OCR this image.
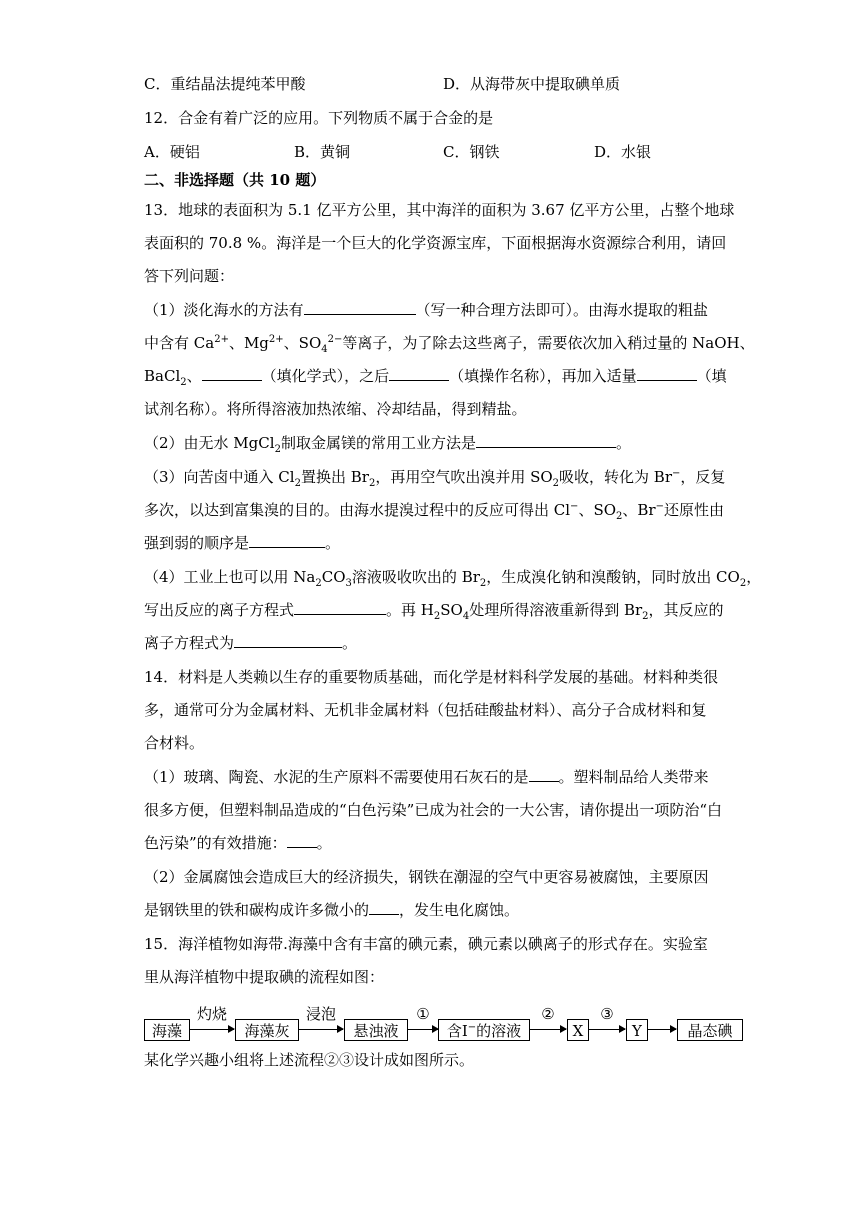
C．重结晶法提纯苯甲酸	D．从海带灰中提取碘单质
12．合金有着广泛的应用。下列物质不属于合金的是
A．硬铝	B．黄铜	C．钢铁	D．水银
二、非选择题（共 10 题）
13．地球的表面积为 5.1 亿平方公里，其中海洋的面积为 3.67 亿平方公里，占整个地球
表面积的 70.8 %。海洋是一个巨大的化学资源宝库，下面根据海水资源综合利用，请回
答下列问题：
（1）淡化海水的方法有	（写一种合理方法即可）。由海水提取的粗盐
中含有 $Ca^{2+}$、$Mg^{2+}$、$SO_4^{2-}$等离子，为了除去这些离子，需要依次加入稍过量的 NaOH、
BaCl$_2$、	（填化学式），之后	（填操作名称），再加入适量	（填
试剂名称）。将所得溶液加热浓缩、冷却结晶，得到精盐。
（2）由无水 MgCl$_2$制取金属镁的常用工业方法是	。
（3）向苦卤中通入 $Cl_2$置换出 $Br_2$，再用空气吹出溴并用 $SO_2$吸收，转化为 Br−，反复
多次，以达到富集溴的目的。由海水提溴过程中的反应可得出 Cl−、$SO_2$、Br−还原性由
强到弱的顺序是	。
（4）工业上也可以用 $Na_2CO_3$溶液吸收吹出的 $Br_2$，生成溴化钠和溴酸钠，同时放出 $CO_2$，
写出反应的离子方程式	。再 $H_2SO_4$处理所得溶液重新得到 $Br_2$，其反应的
离子方程式为	。
14．材料是人类赖以生存的重要物质基础，而化学是材料科学发展的基础。材料种类很
多，通常可分为金属材料、无机非金属材料（包括硅酸盐材料）、高分子合成材料和复
合材料。
（1）玻璃、陶瓷、水泥的生产原料不需要使用石灰石的是 。塑料制品给人类带来
很多方便，但塑料制品造成的“白色污染”已成为社会的一大公害，请你提出一项防治“白
色污染”的有效措施： 。
（2）金属腐蚀会造成巨大的经济损失，钢铁在潮湿的空气中更容易被腐蚀，主要原因
是钢铁里的铁和碳构成许多微小的 ，发生电化腐蚀。
15．海洋植物如海带.海藻中含有丰富的碘元素，碘元素以碘离子的形式存在。实验室
里从海洋植物中提取碘的流程如图：
海藻
灼烧
海藻灰
浸泡
悬浊液
①
含I−的溶液
②
X
③
Y	晶态碘
某化学兴趣小组将上述流程②③设计成如图所示。
